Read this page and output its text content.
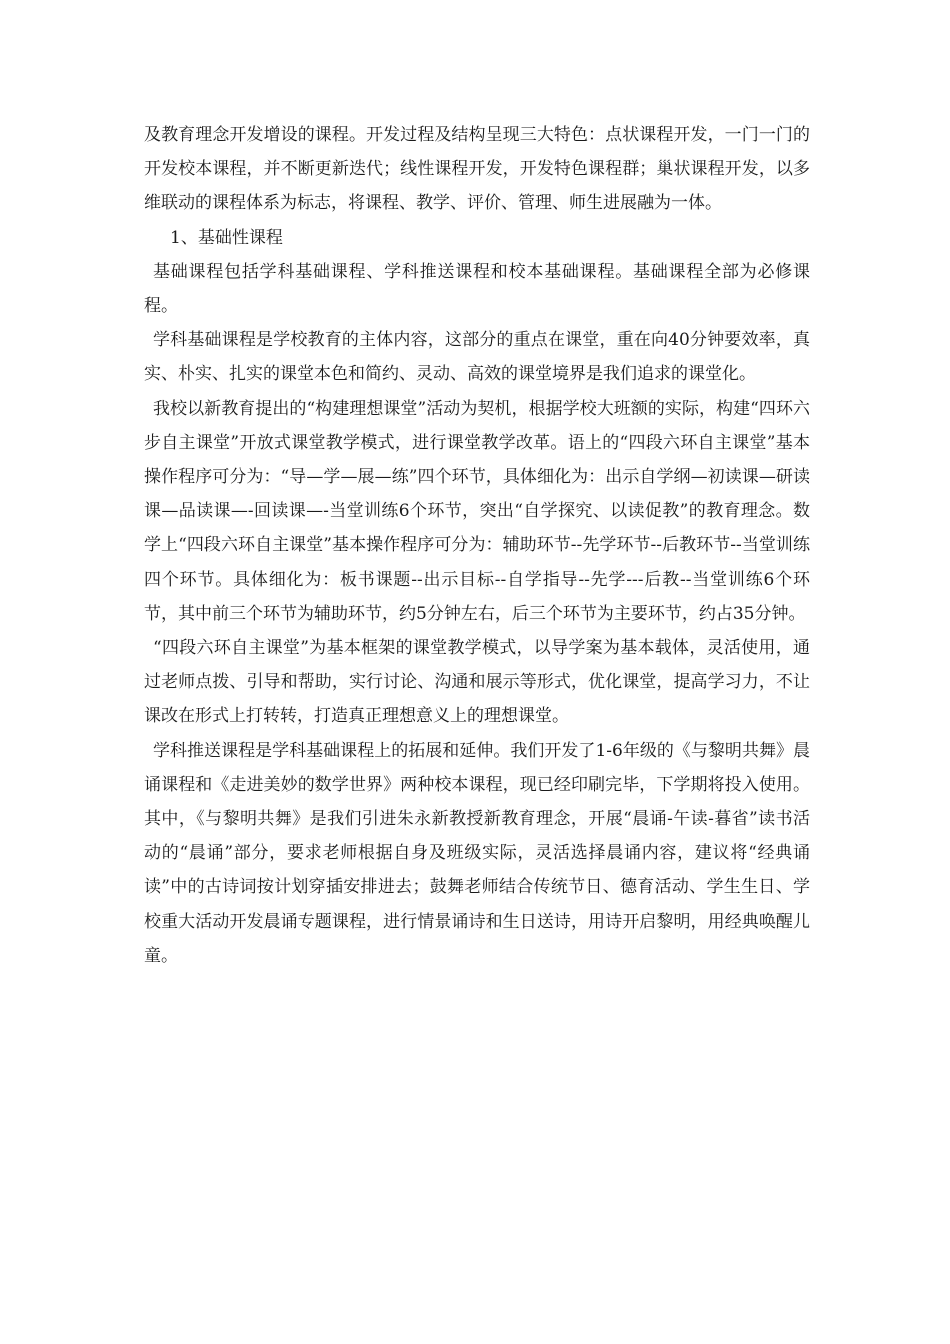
及教育理念开发增设的课程。开发过程及结构呈现三大特色：点状课程开发，一门一门的开发校本课程，并不断更新迭代；线性课程开发，开发特色课程群；巢状课程开发，以多维联动的课程体系为标志，将课程、教学、评价、管理、师生进展融为一体。

1、基础性课程

基础课程包括学科基础课程、学科推送课程和校本基础课程。基础课程全部为必修课程。

学科基础课程是学校教育的主体内容，这部分的重点在课堂，重在向40分钟要效率，真实、朴实、扎实的课堂本色和简约、灵动、高效的课堂境界是我们追求的课堂化。

我校以新教育提出的“构建理想课堂”活动为契机，根据学校大班额的实际，构建“四环六步自主课堂”开放式课堂教学模式，进行课堂教学改革。语上的“四段六环自主课堂”基本操作程序可分为：“导—学—展—练”四个环节，具体细化为：出示自学纲—初读课—研读课—品读课—-回读课—-当堂训练6个环节，突出“自学探究、以读促教”的教育理念。数学上“四段六环自主课堂”基本操作程序可分为：辅助环节--先学环节--后教环节--当堂训练四个环节。具体细化为：板书课题--出示目标--自学指导--先学---后教--当堂训练6个环节，其中前三个环节为辅助环节，约5分钟左右，后三个环节为主要环节，约占35分钟。

“四段六环自主课堂”为基本框架的课堂教学模式，以导学案为基本载体，灵活使用，通过老师点拨、引导和帮助，实行讨论、沟通和展示等形式，优化课堂，提高学习力，不让课改在形式上打转转，打造真正理想意义上的理想课堂。

学科推送课程是学科基础课程上的拓展和延伸。我们开发了1-6年级的《与黎明共舞》晨诵课程和《走进美妙的数学世界》两种校本课程，现已经印刷完毕，下学期将投入使用。其中，《与黎明共舞》是我们引进朱永新教授新教育理念，开展“晨诵-午读-暮省”读书活动的“晨诵”部分，要求老师根据自身及班级实际，灵活选择晨诵内容，建议将“经典诵读”中的古诗词按计划穿插安排进去；鼓舞老师结合传统节日、德育活动、学生生日、学校重大活动开发晨诵专题课程，进行情景诵诗和生日送诗，用诗开启黎明，用经典唤醒儿童。
